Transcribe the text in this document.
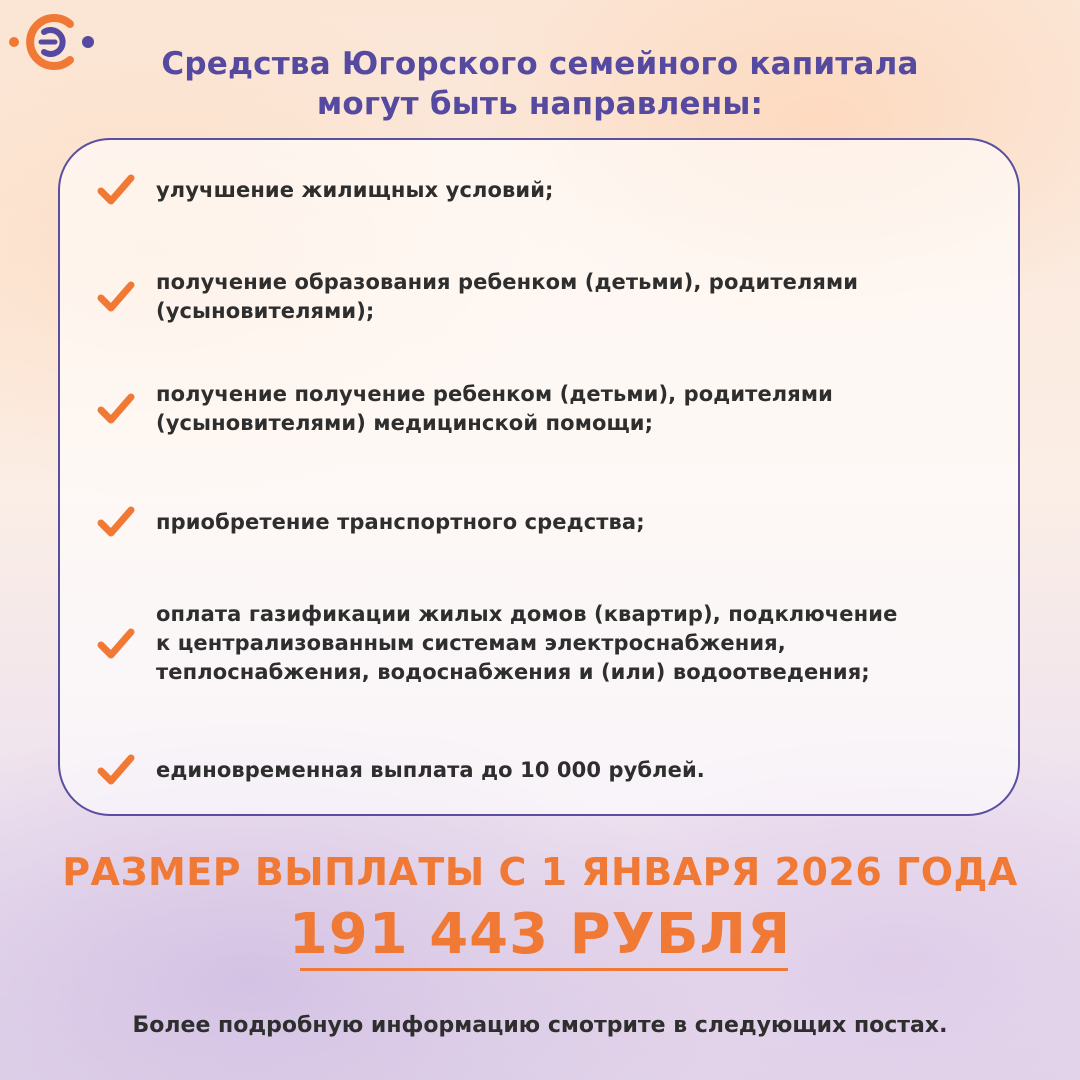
Средства Югорского семейного капитала
могут быть направлены:
улучшение жилищных условий;
получение образования ребенком (детьми), родителями
(усыновителями);
получение получение ребенком (детьми), родителями
(усыновителями) медицинской помощи;
приобретение транспортного средства;
оплата газификации жилых домов (квартир), подключение
к централизованным системам электроснабжения,
теплоснабжения, водоснабжения и (или) водоотведения;
единовременная выплата до 10 000 рублей.
РАЗМЕР ВЫПЛАТЫ С 1 ЯНВАРЯ 2026 ГОДА
191 443 РУБЛЯ
Более подробную информацию смотрите в следующих постах.
